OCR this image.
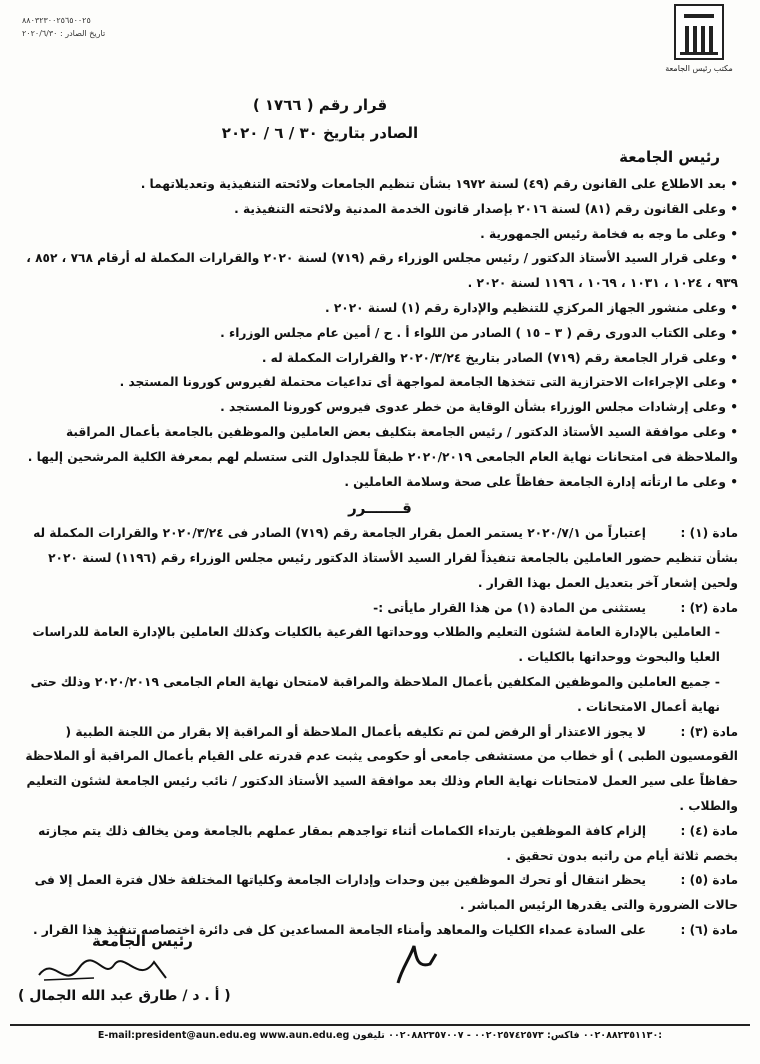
٨٨٠٣٢٣٠٠٢٥٦٥٠٠٢٥
تاريخ الصادر : ٢٠٢٠/٦/٣٠
مكتب رئيس الجامعة
قرار رقم ( ١٧٦٦ )
الصادر بتاريخ ٣٠ / ٦ / ٢٠٢٠
رئيس الجامعة

• بعد الاطلاع على القانون رقم (٤٩) لسنة ١٩٧٢ بشأن تنظيم الجامعات ولائحته التنفيذية وتعديلاتهما .

• وعلى القانون رقم (٨١) لسنة ٢٠١٦ بإصدار قانون الخدمة المدنية ولائحته التنفيذية .

• وعلى ما وجه به فخامة رئيس الجمهورية .

• وعلى قرار السيد الأستاذ الدكتور / رئيس مجلس الوزراء رقم (٧١٩) لسنة ٢٠٢٠ والقرارات المكملة له أرقام ٧٦٨ ، ٨٥٢ ، ٩٣٩ ، ١٠٢٤ ، ١٠٣١ ، ١٠٦٩ ، ١١٩٦ لسنة ٢٠٢٠ .

• وعلى منشور الجهاز المركزي للتنظيم والإدارة رقم (١) لسنة ٢٠٢٠ .

• وعلى الكتاب الدورى رقم ( ٣ – ١٥ ) الصادر من اللواء أ . ح / أمين عام مجلس الوزراء .

• وعلى قرار الجامعة رقم (٧١٩) الصادر بتاريخ ٢٠٢٠/٣/٢٤ والقرارات المكملة له .

• وعلى الإجراءات الاحترازية التى تتخذها الجامعة لمواجهة أى تداعيات محتملة لفيروس كورونا المستجد .

• وعلى إرشادات مجلس الوزراء بشأن الوقاية من خطر عدوى فيروس كورونا المستجد .

• وعلى موافقة السيد الأستاذ الدكتور / رئيس الجامعة بتكليف بعض العاملين والموظفين بالجامعة بأعمال المراقبة والملاحظة فى امتحانات نهاية العام الجامعى ٢٠٢٠/٢٠١٩ طبقاً للجداول التى ستسلم لهم بمعرفة الكلية المرشحين إليها .

• وعلى ما ارتأته إدارة الجامعة حفاظاً على صحة وسلامة العاملين .

قـــــــرر

مادة (١) :إعتباراً من ٢٠٢٠/٧/١ يستمر العمل بقرار الجامعة رقم (٧١٩) الصادر فى ٢٠٢٠/٣/٢٤ والقرارات المكملة له بشأن تنظيم حضور العاملين بالجامعة تنفيذاً لقرار السيد الأستاذ الدكتور رئيس مجلس الوزراء رقم (١١٩٦) لسنة ٢٠٢٠ ولحين إشعار آخر بتعديل العمل بهذا القرار .

مادة (٢) :يستثنى من المادة (١) من هذا القرار مايأتى :-

- العاملين بالإدارة العامة لشئون التعليم والطلاب ووحداتها الفرعية بالكليات وكذلك العاملين بالإدارة العامة للدراسات العليا والبحوث ووحداتها بالكليات .

- جميع العاملين والموظفين المكلفين بأعمال الملاحظة والمراقبة لامتحان نهاية العام الجامعى ٢٠٢٠/٢٠١٩ وذلك حتى نهاية أعمال الامتحانات .

مادة (٣) :لا يجوز الاعتذار أو الرفض لمن تم تكليفه بأعمال الملاحظة أو المراقبة إلا بقرار من اللجنة الطبية ( القومسيون الطبى ) أو خطاب من مستشفى جامعى أو حكومى يثبت عدم قدرته على القيام بأعمال المراقبة أو الملاحظة حفاظاً على سير العمل لامتحانات نهاية العام وذلك بعد موافقة السيد الأستاذ الدكتور / نائب رئيس الجامعة لشئون التعليم والطلاب .

مادة (٤) :إلزام كافة الموظفين بارتداء الكمامات أثناء تواجدهم بمقار عملهم بالجامعة ومن يخالف ذلك يتم مجازته بخصم ثلاثة أيام من راتبه بدون تحقيق .

مادة (٥) :يحظر انتقال أو تحرك الموظفين بين وحدات وإدارات الجامعة وكلياتها المختلفة خلال فترة العمل إلا فى حالات الضرورة والتى يقدرها الرئيس المباشر .

مادة (٦) :على السادة عمداء الكليات والمعاهد وأمناء الجامعة المساعدين كل فى دائرة اختصاصه تنفيذ هذا القرار .

رئيس الجامعة
( أ . د / طارق عبد الله الجمال )
E-mail:president@aun.edu.eg www.aun.edu.eg ٠٠٢٠٨٨٢٣٥١١٣٠ فاكس: ٠٠٢٠٢٥٧٤٢٥٧٣ - ٠٠٢٠٨٨٢٣٥٧٠٠٧ تليفون:
